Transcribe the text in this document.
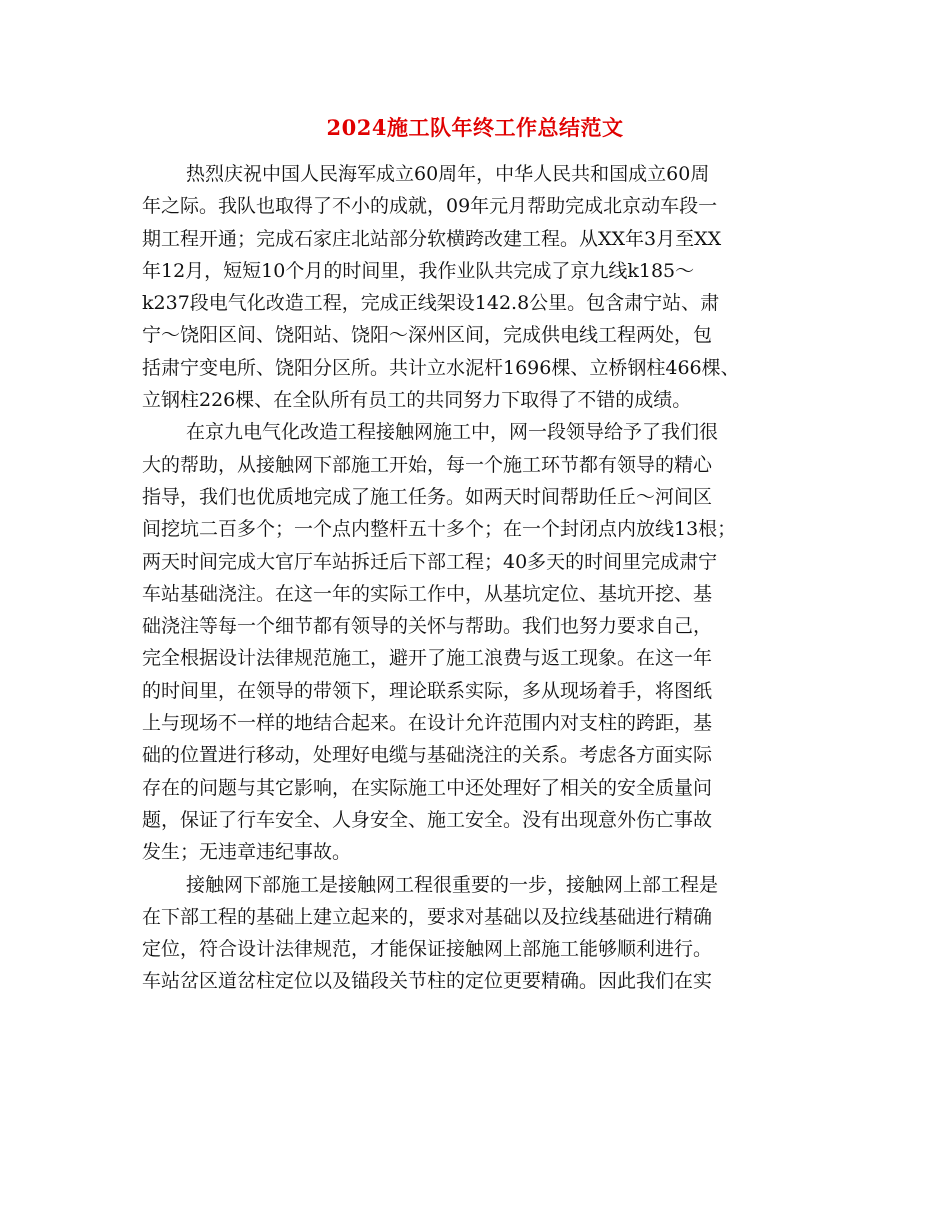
2024施工队年终工作总结范文
热烈庆祝中国人民海军成立60周年，中华人民共和国成立60周
年之际。我队也取得了不小的成就，09年元月帮助完成北京动车段一
期工程开通；完成石家庄北站部分软横跨改建工程。从XX年3月至XX
年12月，短短10个月的时间里，我作业队共完成了京九线k185～
k237段电气化改造工程，完成正线架设142.8公里。包含肃宁站、肃
宁～饶阳区间、饶阳站、饶阳～深州区间，完成供电线工程两处，包
括肃宁变电所、饶阳分区所。共计立水泥杆1696棵、立桥钢柱466棵、
立钢柱226棵、在全队所有员工的共同努力下取得了不错的成绩。
在京九电气化改造工程接触网施工中，网一段领导给予了我们很
大的帮助，从接触网下部施工开始，每一个施工环节都有领导的精心
指导，我们也优质地完成了施工任务。如两天时间帮助任丘～河间区
间挖坑二百多个；一个点内整杆五十多个；在一个封闭点内放线13根；
两天时间完成大官厅车站拆迁后下部工程；40多天的时间里完成肃宁
车站基础浇注。在这一年的实际工作中，从基坑定位、基坑开挖、基
础浇注等每一个细节都有领导的关怀与帮助。我们也努力要求自己，
完全根据设计法律规范施工，避开了施工浪费与返工现象。在这一年
的时间里，在领导的带领下，理论联系实际，多从现场着手，将图纸
上与现场不一样的地结合起来。在设计允许范围内对支柱的跨距，基
础的位置进行移动，处理好电缆与基础浇注的关系。考虑各方面实际
存在的问题与其它影响，在实际施工中还处理好了相关的安全质量问
题，保证了行车安全、人身安全、施工安全。没有出现意外伤亡事故
发生；无违章违纪事故。
接触网下部施工是接触网工程很重要的一步，接触网上部工程是
在下部工程的基础上建立起来的，要求对基础以及拉线基础进行精确
定位，符合设计法律规范，才能保证接触网上部施工能够顺利进行。
车站岔区道岔柱定位以及锚段关节柱的定位更要精确。因此我们在实
